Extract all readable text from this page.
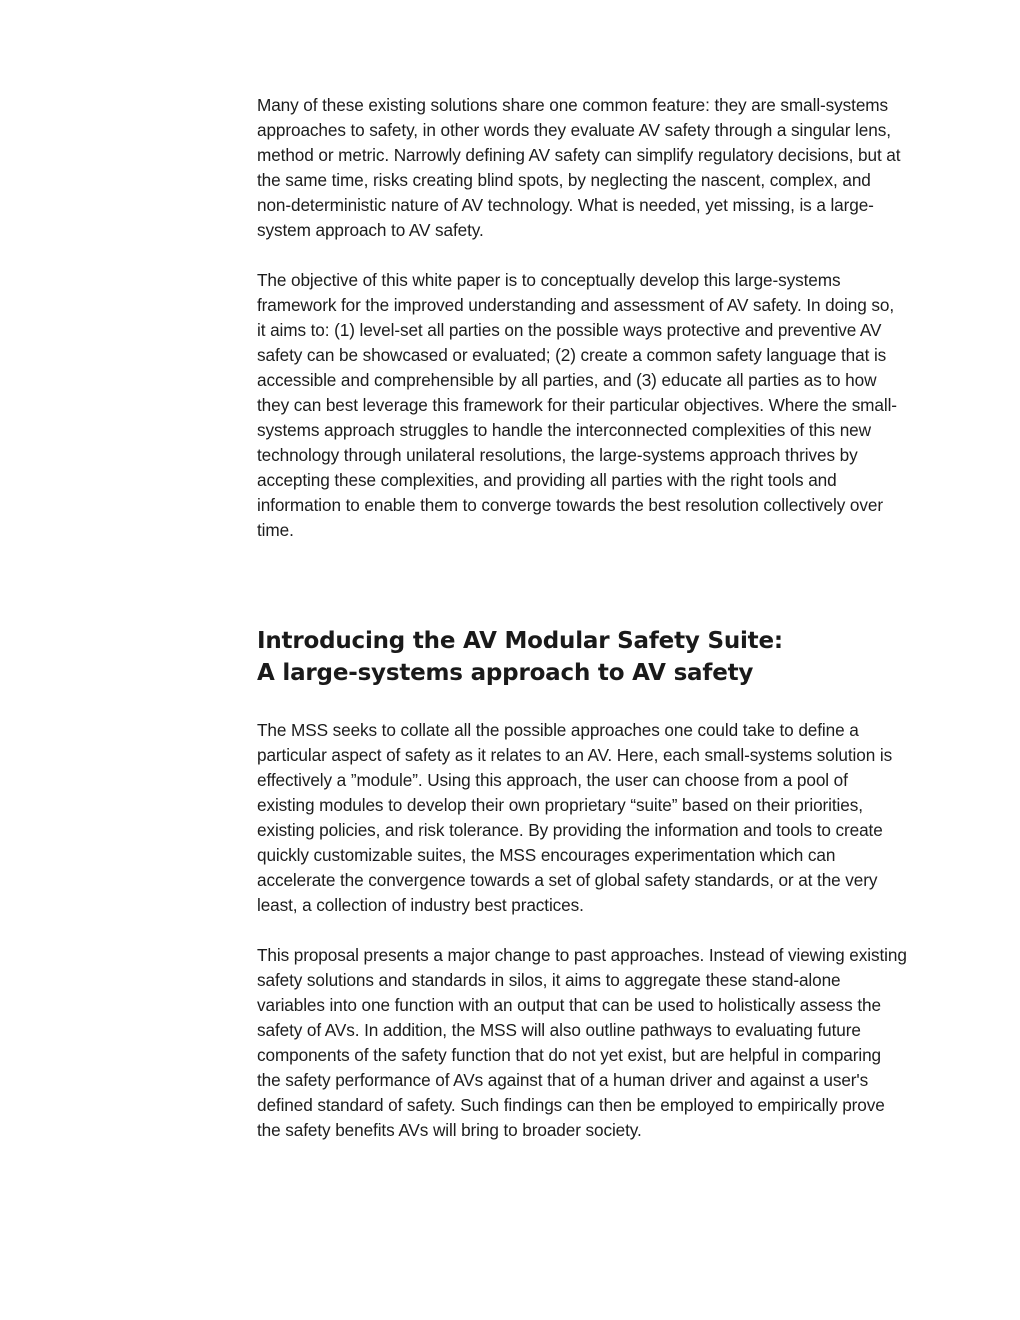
Many of these existing solutions share one common feature: they are small-systems approaches to safety, in other words they evaluate AV safety through a singular lens, method or metric. Narrowly defining AV safety can simplify regulatory decisions, but at the same time, risks creating blind spots, by neglecting the nascent, complex, and non-deterministic nature of AV technology. What is needed, yet missing, is a large-system approach to AV safety.

The objective of this white paper is to conceptually develop this large-systems framework for the improved understanding and assessment of AV safety. In doing so, it aims to: (1) level-set all parties on the possible ways protective and preventive AV safety can be showcased or evaluated; (2) create a common safety language that is accessible and comprehensible by all parties, and (3) educate all parties as to how they can best leverage this framework for their particular objectives. Where the small-systems approach struggles to handle the interconnected complexities of this new technology through unilateral resolutions, the large-systems approach thrives by accepting these complexities, and providing all parties with the right tools and information to enable them to converge towards the best resolution collectively over time.

Introducing the AV Modular Safety Suite:
A large-systems approach to AV safety

The MSS seeks to collate all the possible approaches one could take to define a particular aspect of safety as it relates to an AV. Here, each small-systems solution is effectively a ”module”. Using this approach, the user can choose from a pool of existing modules to develop their own proprietary “suite” based on their priorities, existing policies, and risk tolerance. By providing the information and tools to create quickly customizable suites, the MSS encourages experimentation which can accelerate the convergence towards a set of global safety standards, or at the very least, a collection of industry best practices.

This proposal presents a major change to past approaches. Instead of viewing existing safety solutions and standards in silos, it aims to aggregate these stand-alone variables into one function with an output that can be used to holistically assess the safety of AVs. In addition, the MSS will also outline pathways to evaluating future components of the safety function that do not yet exist, but are helpful in comparing the safety performance of AVs against that of a human driver and against a user's defined standard of safety. Such findings can then be employed to empirically prove the safety benefits AVs will bring to broader society.
